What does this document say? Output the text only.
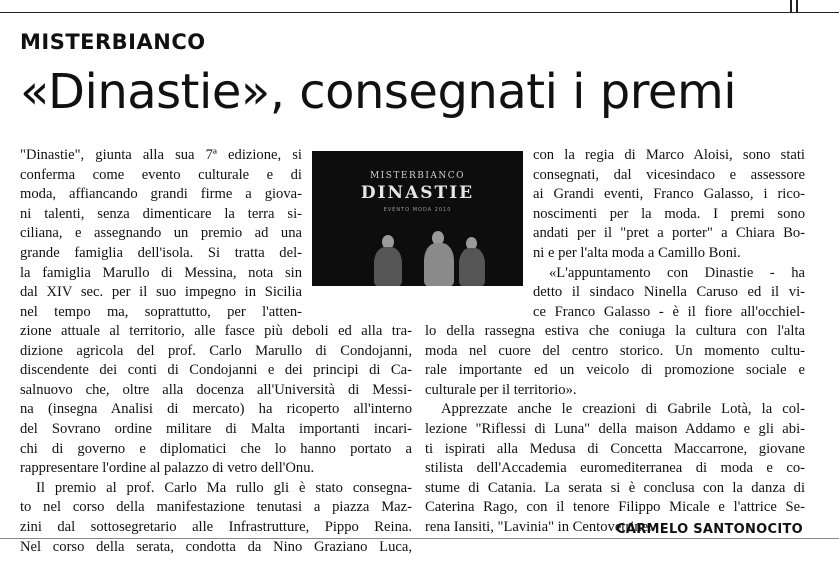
MISTERBIANCO
«Dinastie», consegnati i premi
"Dinastie", giunta alla sua 7ª edizione, si
conferma come evento culturale e di
moda, affiancando grandi firme a giova-
ni talenti, senza dimenticare la terra si-
ciliana, e assegnando un premio ad una
grande famiglia dell'isola. Si tratta del-
la famiglia Marullo di Messina, nota sin
dal XIV sec. per il suo impegno in Sicilia
nel tempo ma, soprattutto, per l'atten-
MISTERBIANCO
DINASTIE
EVENTO MODA 2010
zione attuale al territorio, alle fasce più deboli ed alla tra-
dizione agricola del prof. Carlo Marullo di Condojanni,
discendente dei conti di Condojanni e dei principi di Ca-
salnuovo che, oltre alla docenza all'Università di Messi-
na (insegna Analisi di mercato) ha ricoperto all'interno
del Sovrano ordine militare di Malta importanti incari-
chi di governo e diplomatici che lo hanno portato a
rappresentare l'ordine al palazzo di vetro dell'Onu.
Il premio al prof. Carlo Ma rullo gli è stato consegna-
to nel corso della manifestazione tenutasi a piazza Maz-
zini dal sottosegretario alle Infrastrutture, Pippo Reina.
Nel corso della serata, condotta da Nino Graziano Luca,
con la regia di Marco Aloisi, sono stati
consegnati, dal vicesindaco e assessore
ai Grandi eventi, Franco Galasso, i rico-
noscimenti per la moda. I premi sono
andati per il "pret a porter" a Chiara Bo-
ni e per l'alta moda a Camillo Boni.
«L'appuntamento con Dinastie - ha
detto il sindaco Ninella Caruso ed il vi-
ce Franco Galasso - è il fiore all'occhiel-
lo della rassegna estiva che coniuga la cultura con l'alta
moda nel cuore del centro storico. Un momento cultu-
rale importante ed un veicolo di promozione sociale e
culturale per il territorio».
Apprezzate anche le creazioni di Gabrile Lotà, la col-
lezione "Riflessi di Luna" della maison Addamo e gli abi-
ti ispirati alla Medusa di Concetta Maccarrone, giovane
stilista dell'Accademia euromediterranea di moda e co-
stume di Catania. La serata si è conclusa con la danza di
Caterina Rago, con il tenore Filippo Micale e l'attrice Se-
rena Iansiti, "Lavinia" in Centovetrine.
CARMELO SANTONOCITO
